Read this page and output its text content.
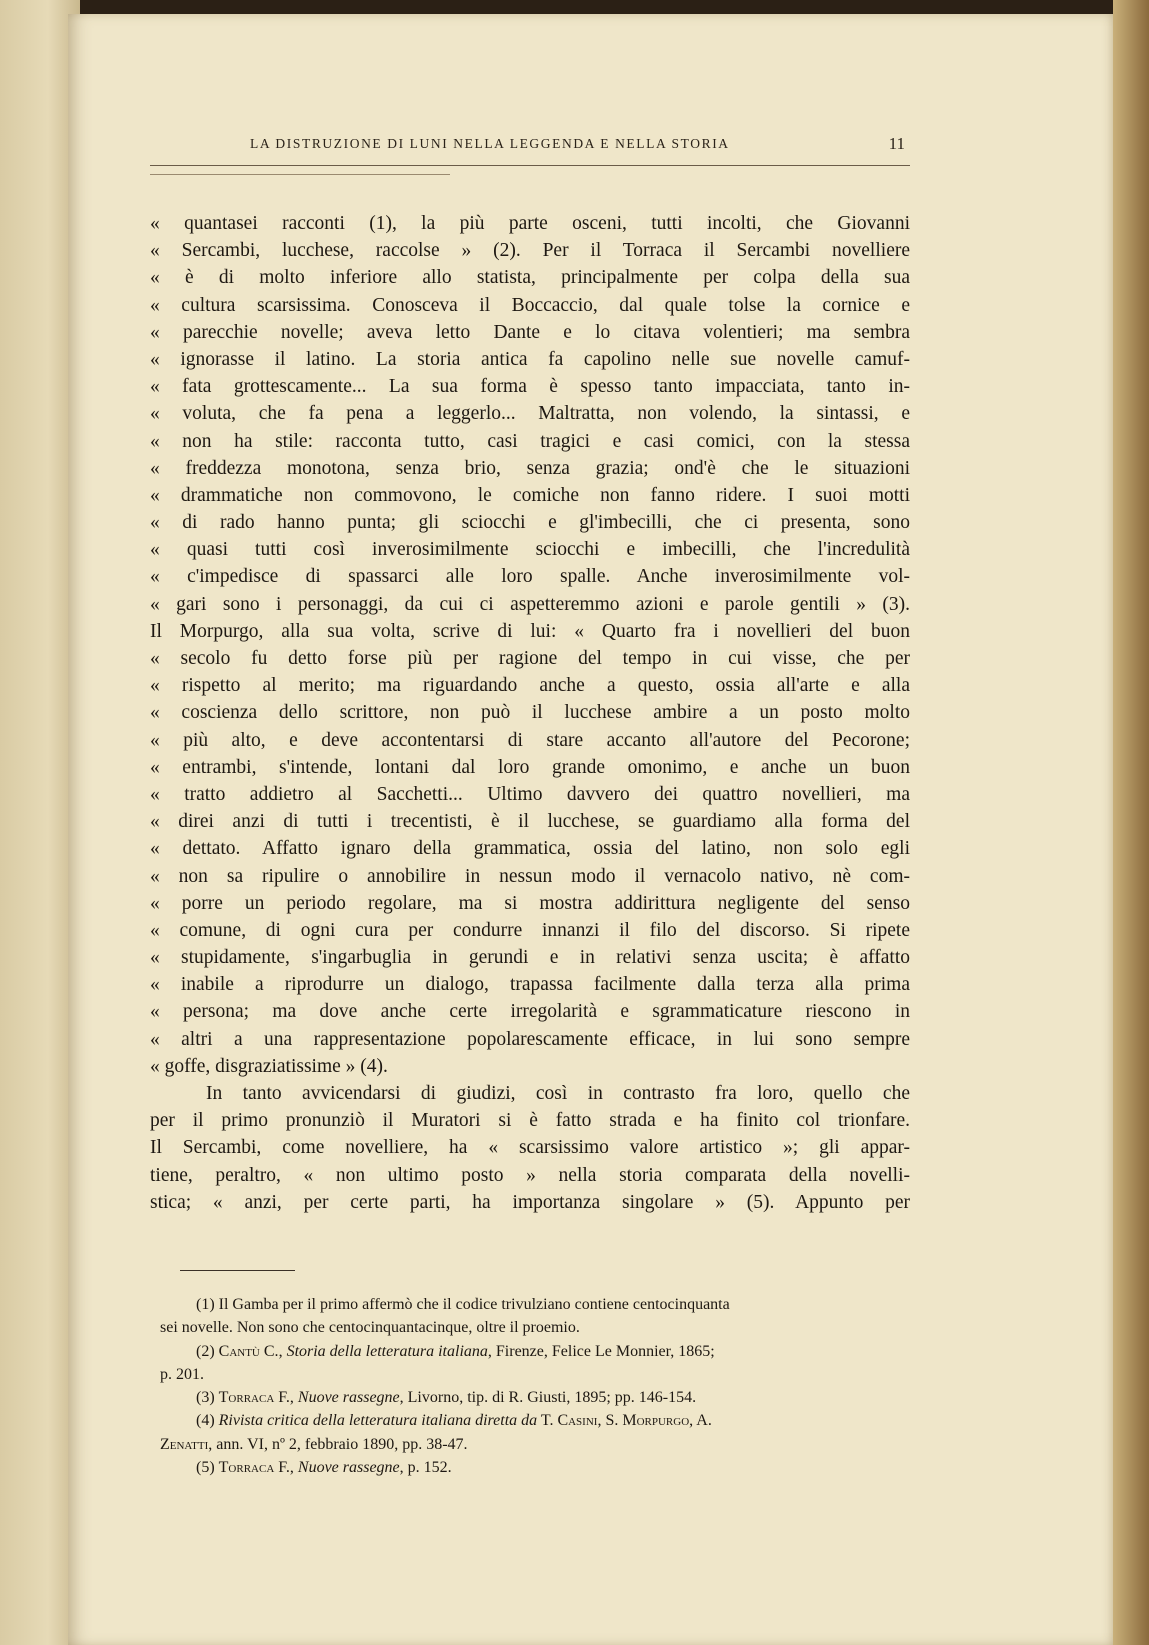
LA DISTRUZIONE DI LUNI NELLA LEGGENDA E NELLA STORIA	11
« quantasei racconti (1), la più parte osceni, tutti incolti, che Giovanni
« Sercambi, lucchese, raccolse » (2). Per il Torraca il Sercambi novelliere
« è di molto inferiore allo statista, principalmente per colpa della sua
« cultura scarsissima. Conosceva il Boccaccio, dal quale tolse la cornice e
« parecchie novelle; aveva letto Dante e lo citava volentieri; ma sembra
« ignorasse il latino. La storia antica fa capolino nelle sue novelle camuf-
« fata grottescamente... La sua forma è spesso tanto impacciata, tanto in-
« voluta, che fa pena a leggerlo... Maltratta, non volendo, la sintassi, e
« non ha stile: racconta tutto, casi tragici e casi comici, con la stessa
« freddezza monotona, senza brio, senza grazia; ond'è che le situazioni
« drammatiche non commovono, le comiche non fanno ridere. I suoi motti
« di rado hanno punta; gli sciocchi e gl'imbecilli, che ci presenta, sono
« quasi tutti così inverosimilmente sciocchi e imbecilli, che l'incredulità
« c'impedisce di spassarci alle loro spalle. Anche inverosimilmente vol-
« gari sono i personaggi, da cui ci aspetteremmo azioni e parole gentili » (3).
Il Morpurgo, alla sua volta, scrive di lui: « Quarto fra i novellieri del buon
« secolo fu detto forse più per ragione del tempo in cui visse, che per
« rispetto al merito; ma riguardando anche a questo, ossia all'arte e alla
« coscienza dello scrittore, non può il lucchese ambire a un posto molto
« più alto, e deve accontentarsi di stare accanto all'autore del Pecorone;
« entrambi, s'intende, lontani dal loro grande omonimo, e anche un buon
« tratto addietro al Sacchetti... Ultimo davvero dei quattro novellieri, ma
« direi anzi di tutti i trecentisti, è il lucchese, se guardiamo alla forma del
« dettato. Affatto ignaro della grammatica, ossia del latino, non solo egli
« non sa ripulire o annobilire in nessun modo il vernacolo nativo, nè com-
« porre un periodo regolare, ma si mostra addirittura negligente del senso
« comune, di ogni cura per condurre innanzi il filo del discorso. Si ripete
« stupidamente, s'ingarbuglia in gerundi e in relativi senza uscita; è affatto
« inabile a riprodurre un dialogo, trapassa facilmente dalla terza alla prima
« persona; ma dove anche certe irregolarità e sgrammaticature riescono in
« altri a una rappresentazione popolarescamente efficace, in lui sono sempre
« goffe, disgraziatissime » (4).
In tanto avvicendarsi di giudizi, così in contrasto fra loro, quello che
per il primo pronunziò il Muratori si è fatto strada e ha finito col trionfare.
Il Sercambi, come novelliere, ha « scarsissimo valore artistico »; gli appar-
tiene, peraltro, « non ultimo posto » nella storia comparata della novelli-
stica; « anzi, per certe parti, ha importanza singolare » (5). Appunto per
(1) Il Gamba per il primo affermò che il codice trivulziano contiene centocinquanta
sei novelle. Non sono che centocinquantacinque, oltre il proemio.
(2) Cantù C., Storia della letteratura italiana, Firenze, Felice Le Monnier, 1865;
p. 201.
(3) Torraca F., Nuove rassegne, Livorno, tip. di R. Giusti, 1895; pp. 146-154.
(4) Rivista critica della letteratura italiana diretta da T. Casini, S. Morpurgo, A.
Zenatti, ann. VI, nº 2, febbraio 1890, pp. 38-47.
(5) Torraca F., Nuove rassegne, p. 152.
